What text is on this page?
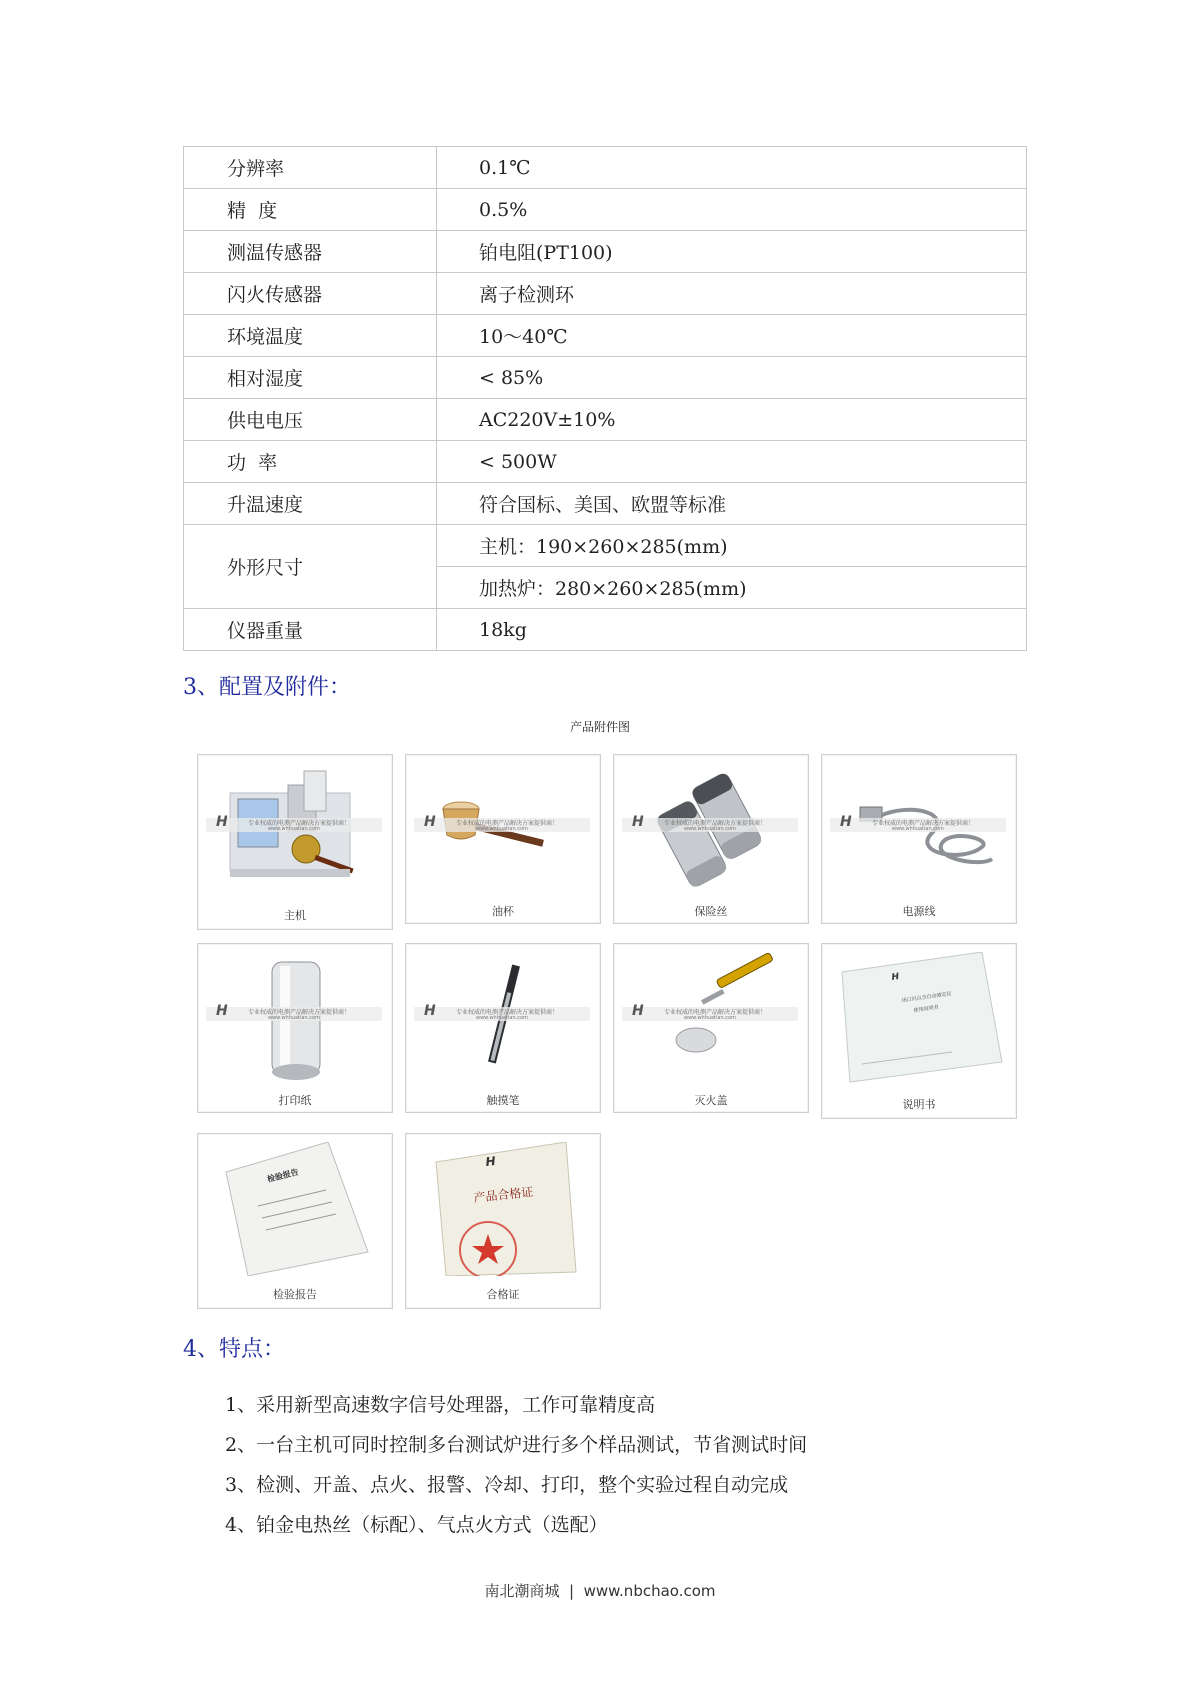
分辨率	0.1℃
精  度	0.5%
测温传感器	铂电阻(PT100)
闪火传感器	离子检测环
环境温度	10～40℃
相对湿度	< 85%
供电电压	AC220V±10%
功  率	< 500W
升温速度	符合国标、美国、欧盟等标准
外形尺寸	主机：190×260×285(mm)
	加热炉：280×260×285(mm)
仪器重量	18kg
3、配置及附件：
产品附件图
H	专业权威的电测产品解决方案提供商！
www.whhuatian.com
主机
H	专业权威的电测产品解决方案提供商！
www.whhuatian.com
油杯
H	专业权威的电测产品解决方案提供商！
www.whhuatian.com
保险丝
H	专业权威的电测产品解决方案提供商！
www.whhuatian.com
电源线
H	专业权威的电测产品解决方案提供商！
www.whhuatian.com
打印纸
H	专业权威的电测产品解决方案提供商！
www.whhuatian.com
触摸笔
H	专业权威的电测产品解决方案提供商！
www.whhuatian.com
灭火盖
H
闭口闪点全自动测定仪
使用说明书
说明书
检验报告
检验报告
H
产品合格证
合格证
4、特点：
1、采用新型高速数字信号处理器，工作可靠精度高
2、一台主机可同时控制多台测试炉进行多个样品测试，节省测试时间
3、检测、开盖、点火、报警、冷却、打印，整个实验过程自动完成
4、铂金电热丝（标配）、气点火方式（选配）
南北潮商城  |  www.nbchao.com
